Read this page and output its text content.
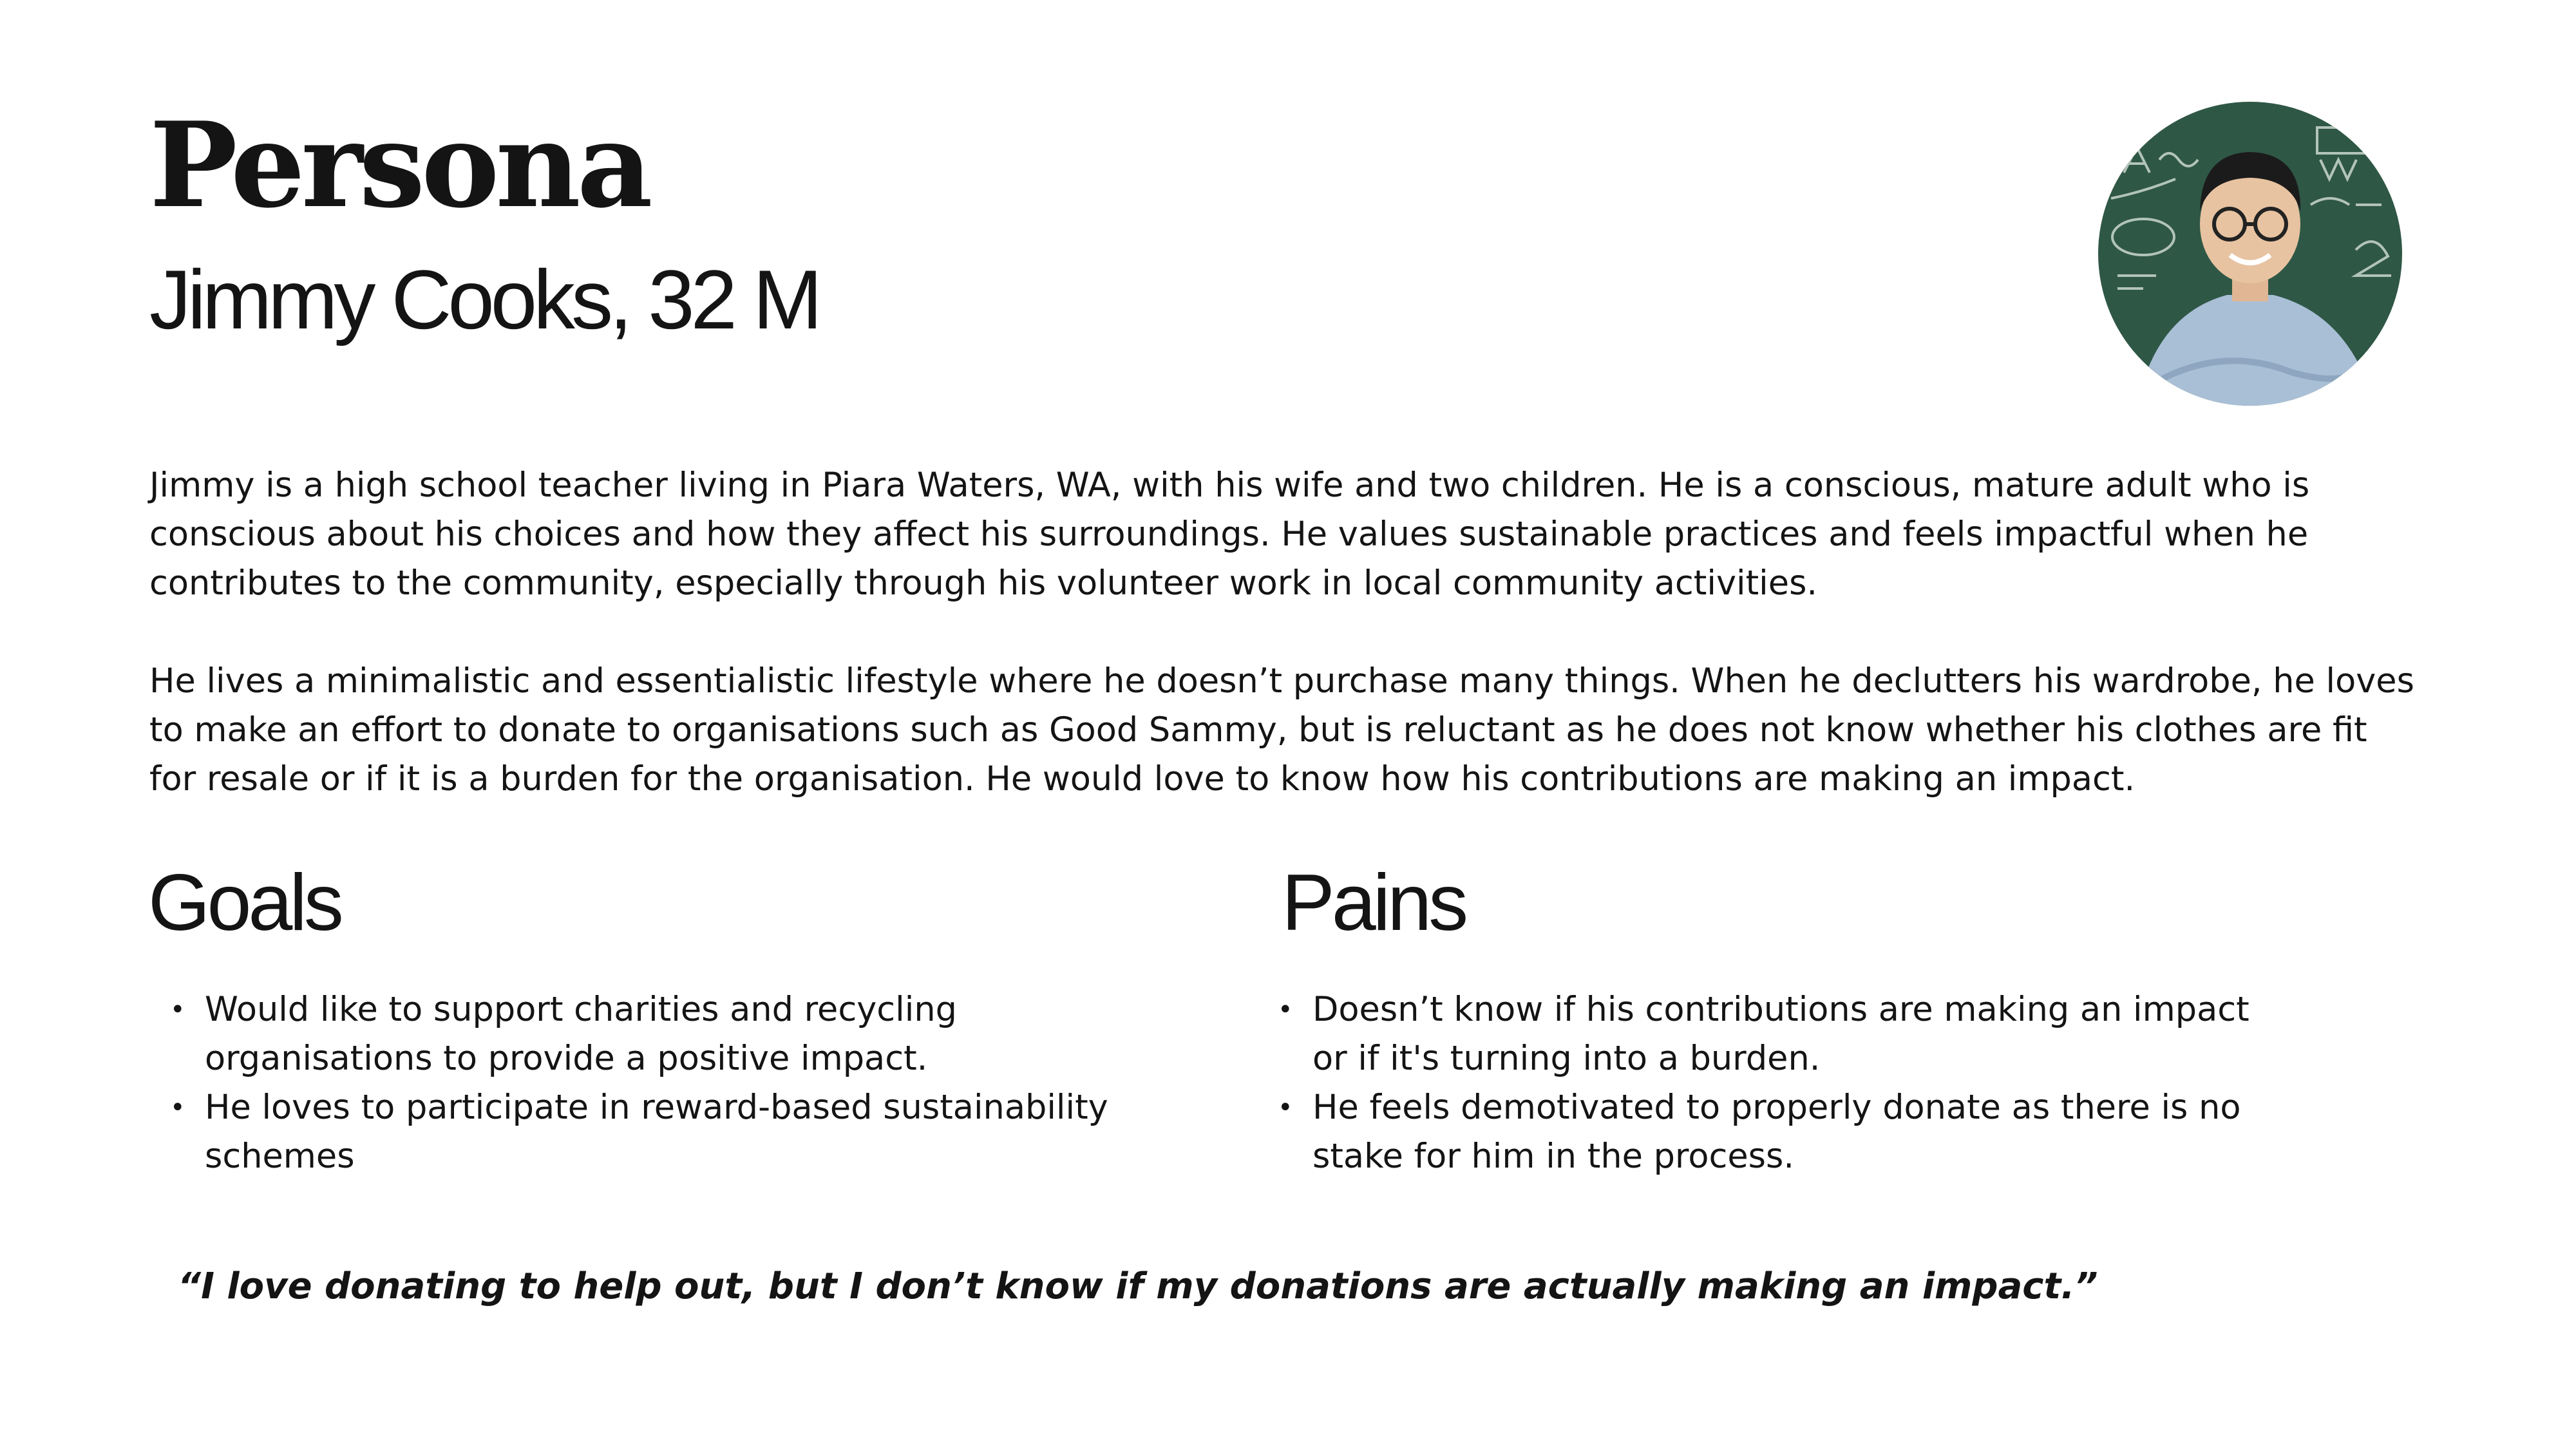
Persona
Jimmy Cooks, 32 M

Jimmy is a high school teacher living in Piara Waters, WA, with his wife and two children. He is a conscious, mature adult who is conscious about his choices and how they affect his surroundings. He values sustainable practices and feels impactful when he contributes to the community, especially through his volunteer work in local community activities.

He lives a minimalistic and essentialistic lifestyle where he doesn’t purchase many things. When he declutters his wardrobe, he loves to make an effort to donate to organisations such as Good Sammy, but is reluctant as he does not know whether his clothes are fit for resale or if it is a burden for the organisation. He would love to know how his contributions are making an impact.

Goals
• Would like to support charities and recycling organisations to provide a positive impact.
• He loves to participate in reward-based sustainability schemes
Pains
• Doesn’t know if his contributions are making an impact or if it's turning into a burden.
• He feels demotivated to properly donate as there is no stake for him in the process.

“I love donating to help out, but I don’t know if my donations are actually making an impact.”
